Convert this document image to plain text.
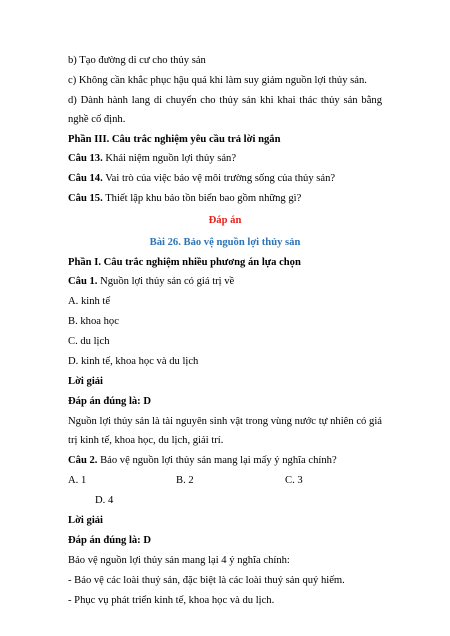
b) Tạo đường di cư cho thủy sản
c) Không cần khắc phục hậu quả khi làm suy giảm nguồn lợi thủy sản.
d) Dành hành lang di chuyển cho thủy sản khi khai thác thủy sản bằng
nghề cố định.
Phần III. Câu trắc nghiệm yêu cầu trả lời ngắn
Câu 13. Khái niệm nguồn lợi thủy sản?
Câu 14. Vai trò của việc bảo vệ môi trường sống của thủy sản?
Câu 15. Thiết lập khu bảo tồn biển bao gồm những gì?
Đáp án
Bài 26. Bảo vệ nguồn lợi thủy sản
Phần I. Câu trắc nghiệm nhiều phương án lựa chọn
Câu 1. Nguồn lợi thủy sản có giá trị về
A. kinh tế
B. khoa học
C. du lịch
D. kinh tế, khoa học và du lịch
Lời giải
Đáp án đúng là: D
Nguồn lợi thủy sản là tài nguyên sinh vật trong vùng nước tự nhiên có giá
trị kinh tế, khoa học, du lịch, giải trí.
Câu 2. Bảo vệ nguồn lợi thủy sản mang lại mấy ý nghĩa chính?
A. 1	B. 2	C. 3
D. 4
Lời giải
Đáp án đúng là: D
Bảo vệ nguồn lợi thủy sản mang lại 4 ý nghĩa chính:
- Bảo vệ các loài thuỷ sản, đặc biệt là các loài thuỷ sản quý hiếm.
- Phục vụ phát triển kinh tế, khoa học và du lịch.
